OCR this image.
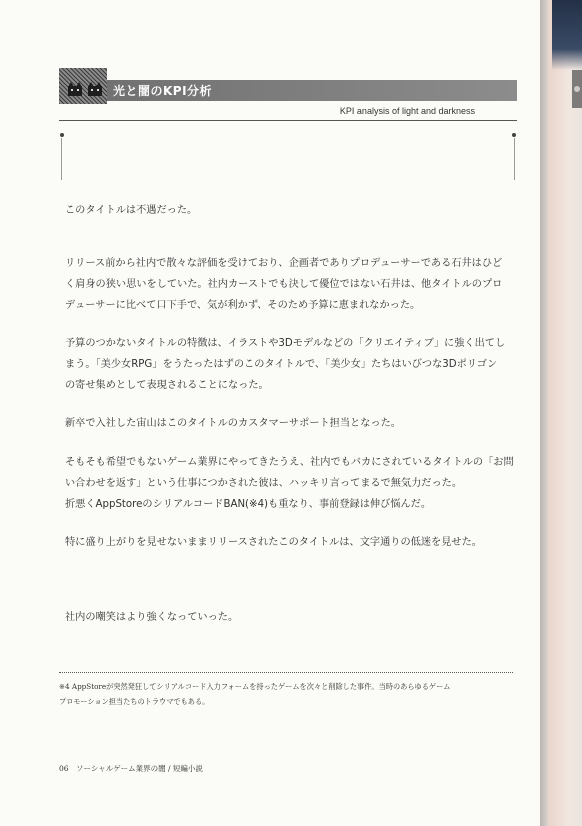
光と闇のKPI分析
KPI analysis of light and darkness

このタイトルは不遇だった。

リリース前から社内で散々な評価を受けており、企画者でありプロデューサーである石井はひど

く肩身の狭い思いをしていた。社内カーストでも決して優位ではない石井は、他タイトルのプロ

デューサーに比べて口下手で、気が利かず、そのため予算に恵まれなかった。

予算のつかないタイトルの特徴は、イラストや3Dモデルなどの「クリエイティブ」に強く出てし

まう。「美少女RPG」をうたったはずのこのタイトルで、「美少女」たちはいびつな3Dポリゴン

の寄せ集めとして表現されることになった。

新卒で入社した宙山はこのタイトルのカスタマーサポート担当となった。

そもそも希望でもないゲーム業界にやってきたうえ、社内でもバカにされているタイトルの「お問

い合わせを返す」という仕事につかされた彼は、ハッキリ言ってまるで無気力だった。

折悪くAppStoreのシリアルコードBAN(※4)も重なり、事前登録は伸び悩んだ。

特に盛り上がりを見せないままリリースされたこのタイトルは、文字通りの低迷を見せた。

社内の嘲笑はより強くなっていった。

※4 AppStoreが突然発狂してシリアルコード入力フォームを持ったゲームを次々と削除した事件。当時のあらゆるゲーム

プロモーション担当たちのトラウマでもある。

06　ソーシャルゲーム業界の闇 / 短編小説
